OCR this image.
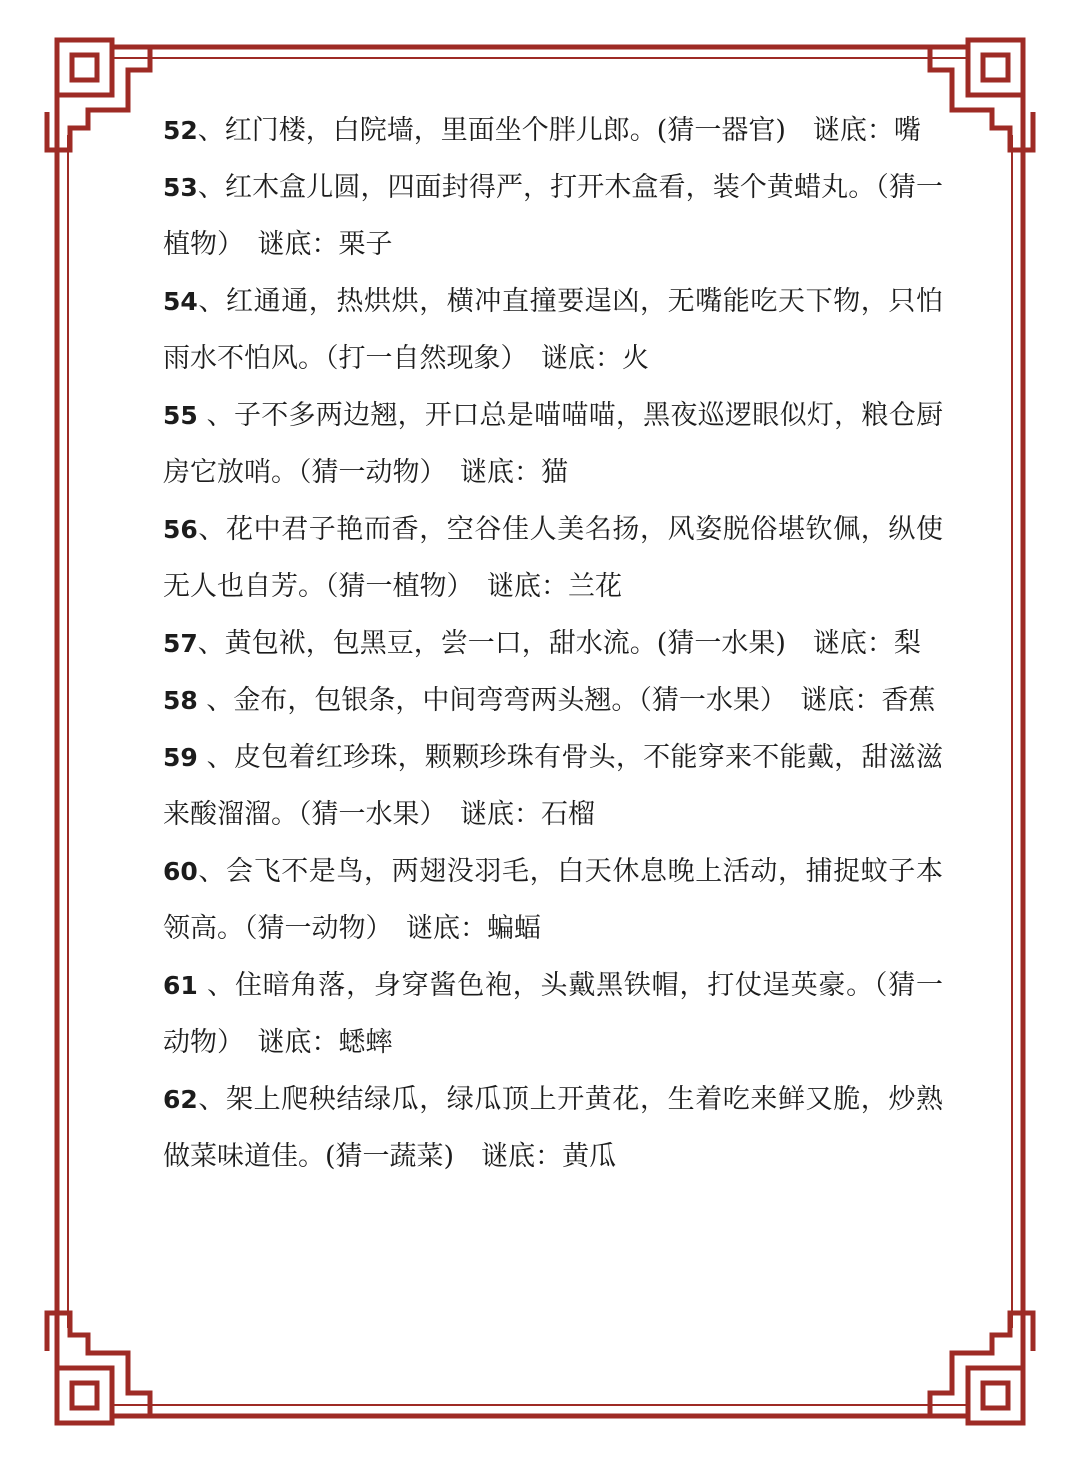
52、红门楼，白院墙，里面坐个胖儿郎。(猜一器官)　谜底：嘴

53、红木盒儿圆，四面封得严，打开木盒看，装个黄蜡丸。（猜一植物）　谜底：栗子

54、红通通，热烘烘，横冲直撞要逞凶，无嘴能吃天下物，只怕雨水不怕风。（打一自然现象）　谜底：火

55 、子不多两边翘，开口总是喵喵喵，黑夜巡逻眼似灯，粮仓厨房它放哨。（猜一动物）　谜底：猫

56、花中君子艳而香，空谷佳人美名扬，风姿脱俗堪钦佩，纵使无人也自芳。（猜一植物）　谜底：兰花

57、黄包袱，包黑豆，尝一口，甜水流。(猜一水果)　谜底：梨

58 、金布，包银条，中间弯弯两头翘。（猜一水果）　谜底：香蕉

59 、皮包着红珍珠，颗颗珍珠有骨头，不能穿来不能戴，甜滋滋来酸溜溜。（猜一水果）　谜底：石榴

60、会飞不是鸟，两翅没羽毛，白天休息晚上活动，捕捉蚊子本领高。（猜一动物）　谜底：蝙蝠

61 、住暗角落，身穿酱色袍，头戴黑铁帽，打仗逞英豪。（猜一动物）　谜底：蟋蟀

62、架上爬秧结绿瓜，绿瓜顶上开黄花，生着吃来鲜又脆，炒熟做菜味道佳。(猜一蔬菜)　谜底：黄瓜
